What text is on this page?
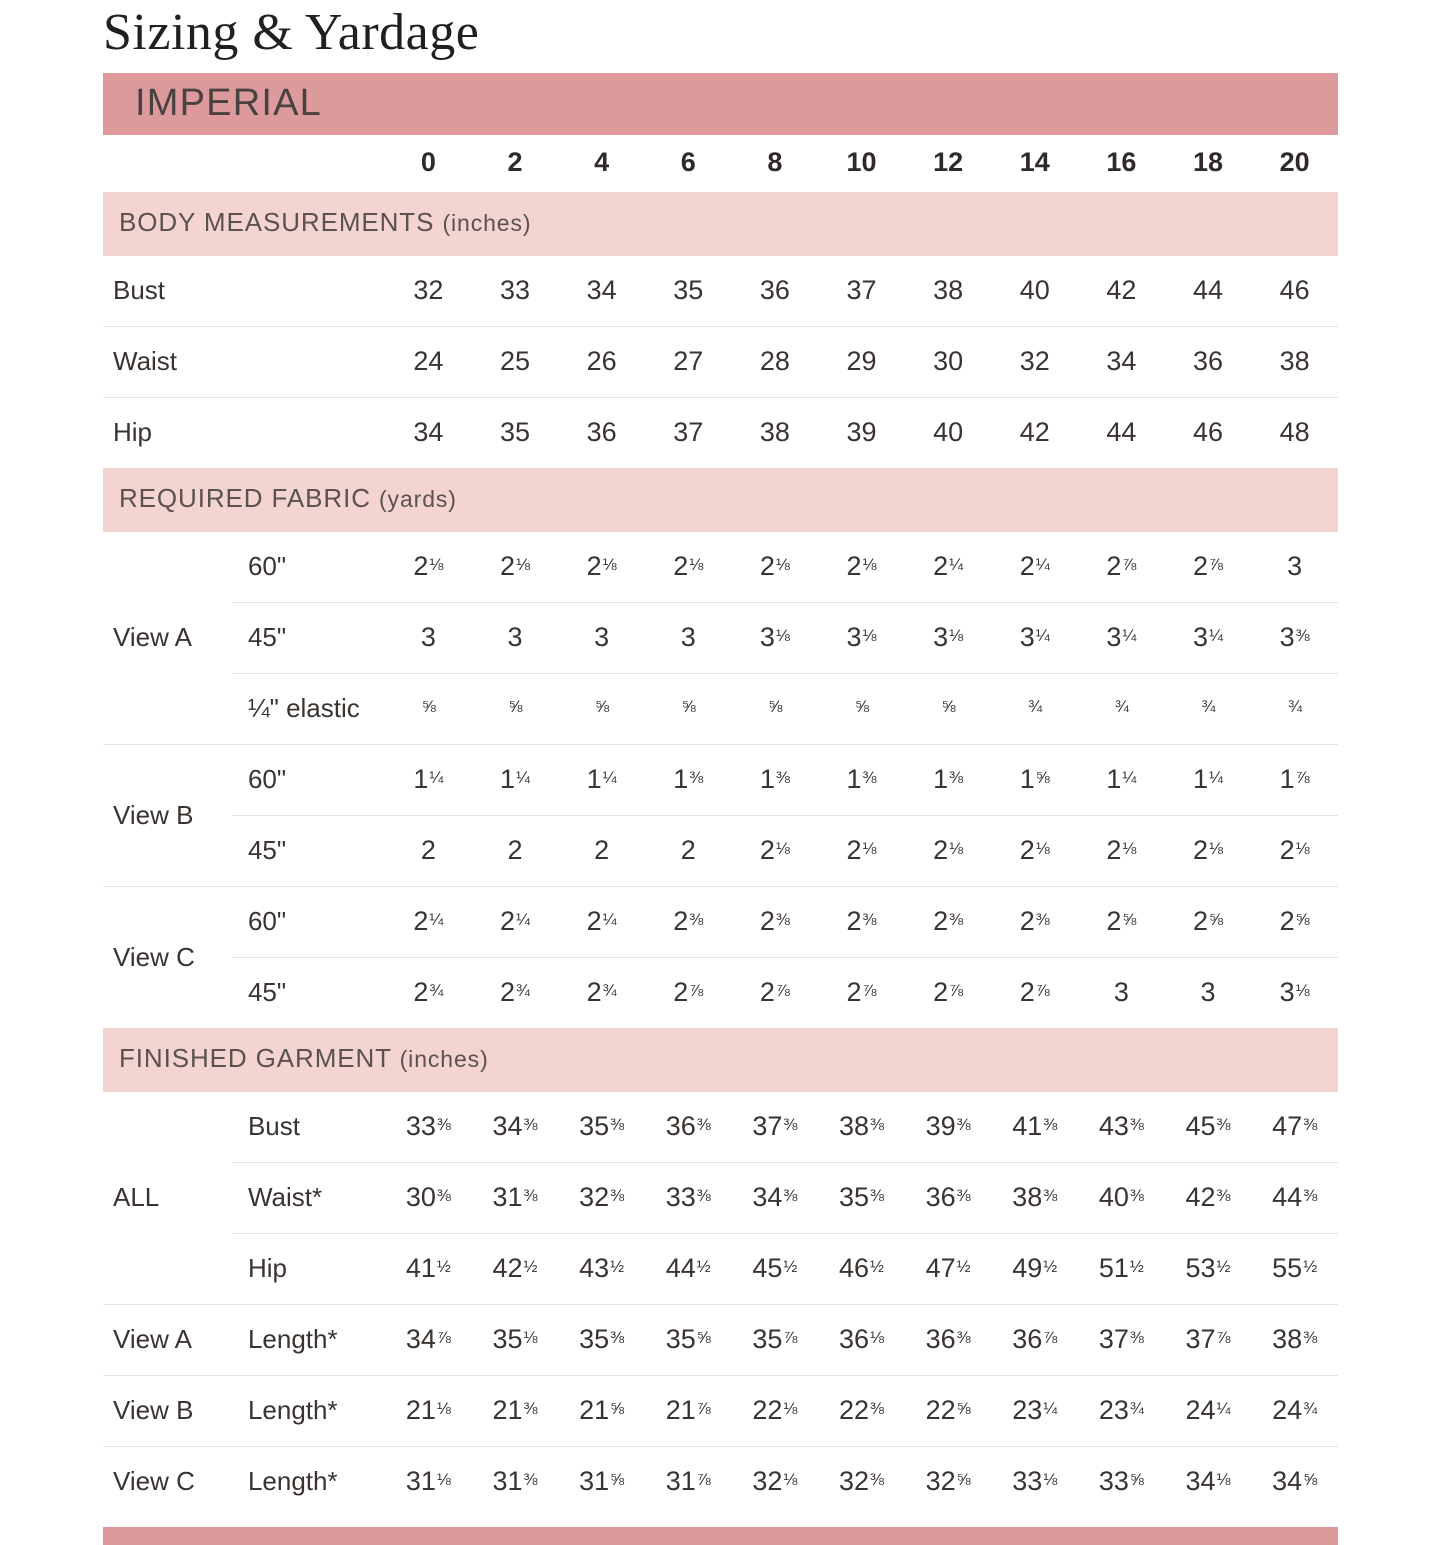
Sizing & Yardage
IMPERIAL												
		0	2	4	6	8	10	12	14	16	18	20
BODY MEASUREMENTS (inches)												
Bust		32	33	34	35	36	37	38	40	42	44	46
Waist		24	25	26	27	28	29	30	32	34	36	38
Hip		34	35	36	37	38	39	40	42	44	46	48
REQUIRED FABRIC (yards)												
View A	60"	2⅛	2⅛	2⅛	2⅛	2⅛	2⅛	2¼	2¼	2⅞	2⅞	3
	45"	3	3	3	3	3⅛	3⅛	3⅛	3¼	3¼	3¼	3⅜
	¼" elastic	⅝	⅝	⅝	⅝	⅝	⅝	⅝	¾	¾	¾	¾
View B	60"	1¼	1¼	1¼	1⅜	1⅜	1⅜	1⅜	1⅝	1¼	1¼	1⅞
	45"	2	2	2	2	2⅛	2⅛	2⅛	2⅛	2⅛	2⅛	2⅛
View C	60"	2¼	2¼	2¼	2⅜	2⅜	2⅜	2⅜	2⅜	2⅝	2⅝	2⅝
	45"	2¾	2¾	2¾	2⅞	2⅞	2⅞	2⅞	2⅞	3	3	3⅛
FINISHED GARMENT (inches)												
ALL	Bust	33⅜	34⅜	35⅜	36⅜	37⅜	38⅜	39⅜	41⅜	43⅜	45⅜	47⅜
	Waist*	30⅜	31⅜	32⅜	33⅜	34⅜	35⅜	36⅜	38⅜	40⅜	42⅜	44⅜
	Hip	41½	42½	43½	44½	45½	46½	47½	49½	51½	53½	55½
View A	Length*	34⅞	35⅛	35⅜	35⅝	35⅞	36⅛	36⅜	36⅞	37⅜	37⅞	38⅜
View B	Length*	21⅛	21⅜	21⅝	21⅞	22⅛	22⅜	22⅝	23¼	23¾	24¼	24¾
View C	Length*	31⅛	31⅜	31⅝	31⅞	32⅛	32⅜	32⅝	33⅛	33⅝	34⅛	34⅝
